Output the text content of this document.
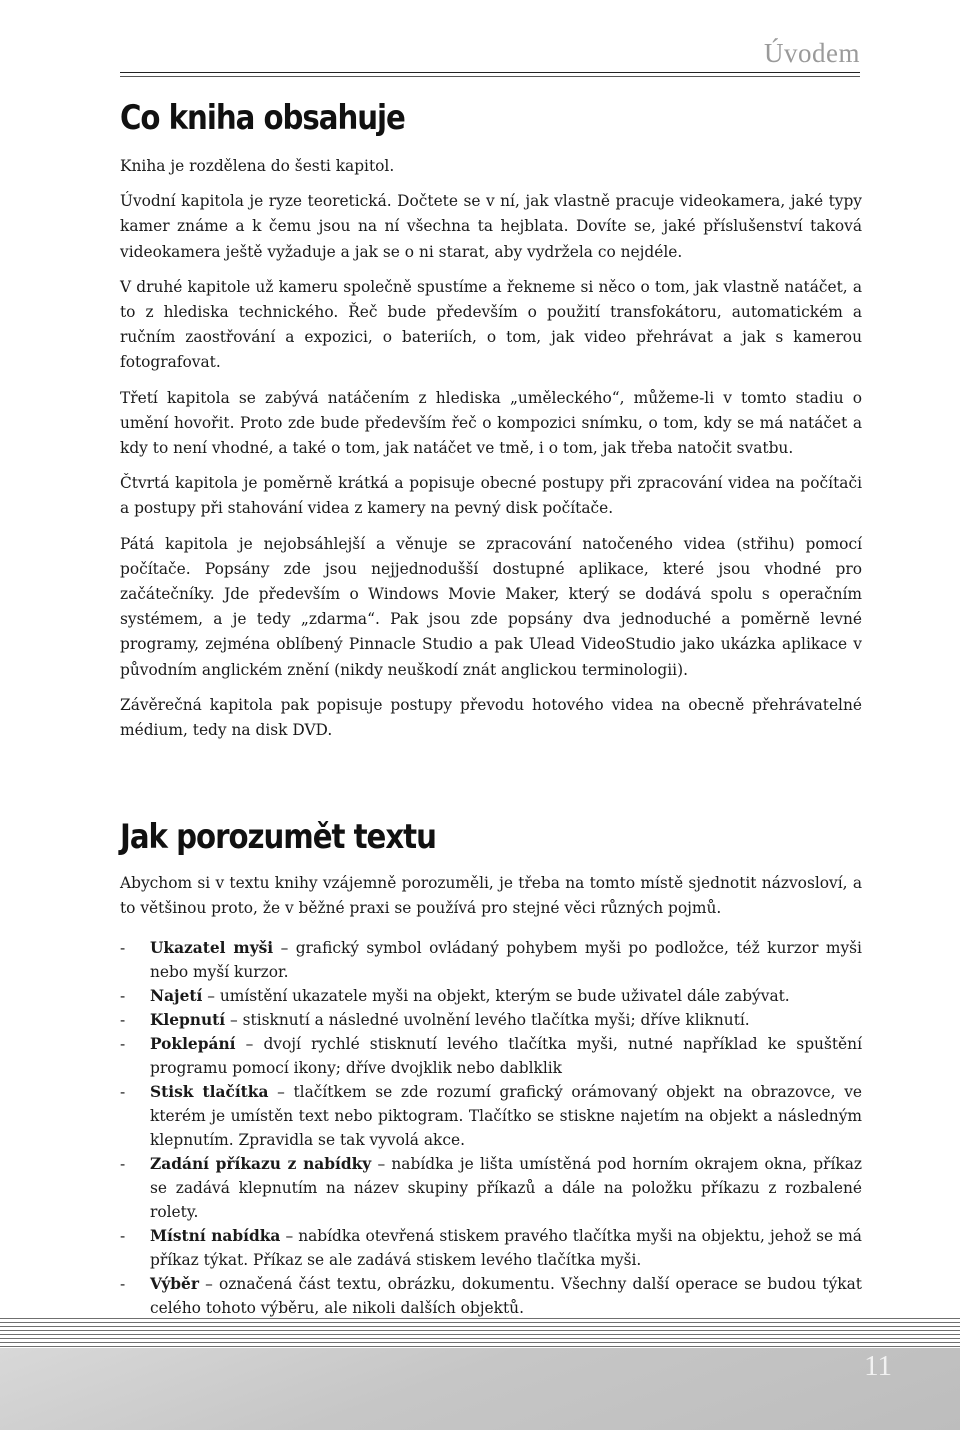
Úvodem
Co kniha obsahuje

Kniha je rozdělena do šesti kapitol.

Úvodní kapitola je ryze teoretická. Dočtete se v ní, jak vlastně pracuje videokamera, jaké typy kamer známe a k čemu jsou na ní všechna ta hejblata. Dovíte se, jaké příslušenství taková videokamera ještě vyžaduje a jak se o ni starat, aby vydržela co nejdéle.

V druhé kapitole už kameru společně spustíme a řekneme si něco o tom, jak vlastně natáčet, a to z hlediska technického. Řeč bude především o použití transfokátoru, automatickém a ručním zaostřování a expozici, o bateriích, o tom, jak video přehrávat a jak s kamerou fotografovat.

Třetí kapitola se zabývá natáčením z hlediska „uměleckého“, můžeme-li v tomto stadiu o umění hovořit. Proto zde bude především řeč o kompozici snímku, o tom, kdy se má natáčet a kdy to není vhodné, a také o tom, jak natáčet ve tmě, i o tom, jak třeba natočit svatbu.

Čtvrtá kapitola je poměrně krátká a popisuje obecné postupy při zpracování videa na počítači a postupy při stahování videa z kamery na pevný disk počítače.

Pátá kapitola je nejobsáhlejší a věnuje se zpracování natočeného videa (střihu) pomocí počítače. Popsány zde jsou nejjednodušší dostupné aplikace, které jsou vhodné pro začátečníky. Jde především o Windows Movie Maker, který se dodává spolu s operačním systémem, a je tedy „zdarma“. Pak jsou zde popsány dva jednoduché a poměrně levné programy, zejména oblíbený Pinnacle Studio a pak Ulead VideoStudio jako ukázka aplikace v původním anglickém znění (nikdy neuškodí znát anglickou terminologii).

Závěrečná kapitola pak popisuje postupy převodu hotového videa na obecně přehrávatelné médium, tedy na disk DVD.

Jak porozumět textu

Abychom si v textu knihy vzájemně porozuměli, je třeba na tomto místě sjednotit názvosloví, a to většinou proto, že v běžné praxi se používá pro stejné věci různých pojmů.

- Ukazatel myši – grafický symbol ovládaný pohybem myši po podložce, též kurzor myši nebo myší kurzor.
- Najetí – umístění ukazatele myši na objekt, kterým se bude uživatel dále zabývat.
- Klepnutí – stisknutí a následné uvolnění levého tlačítka myši; dříve kliknutí.
- Poklepání – dvojí rychlé stisknutí levého tlačítka myši, nutné například ke spuštění programu pomocí ikony; dříve dvojklik nebo dablklik
- Stisk tlačítka – tlačítkem se zde rozumí grafický orámovaný objekt na obrazovce, ve kterém je umístěn text nebo piktogram. Tlačítko se stiskne najetím na objekt a následným klepnutím. Zpravidla se tak vyvolá akce.
- Zadání příkazu z nabídky – nabídka je lišta umístěná pod horním okrajem okna, příkaz se zadává klepnutím na název skupiny příkazů a dále na položku příkazu z rozbalené rolety.
- Místní nabídka – nabídka otevřená stiskem pravého tlačítka myši na objektu, jehož se má příkaz týkat. Příkaz se ale zadává stiskem levého tlačítka myši.
- Výběr – označená část textu, obrázku, dokumentu. Všechny další operace se budou týkat celého tohoto výběru, ale nikoli dalších objektů.
11
